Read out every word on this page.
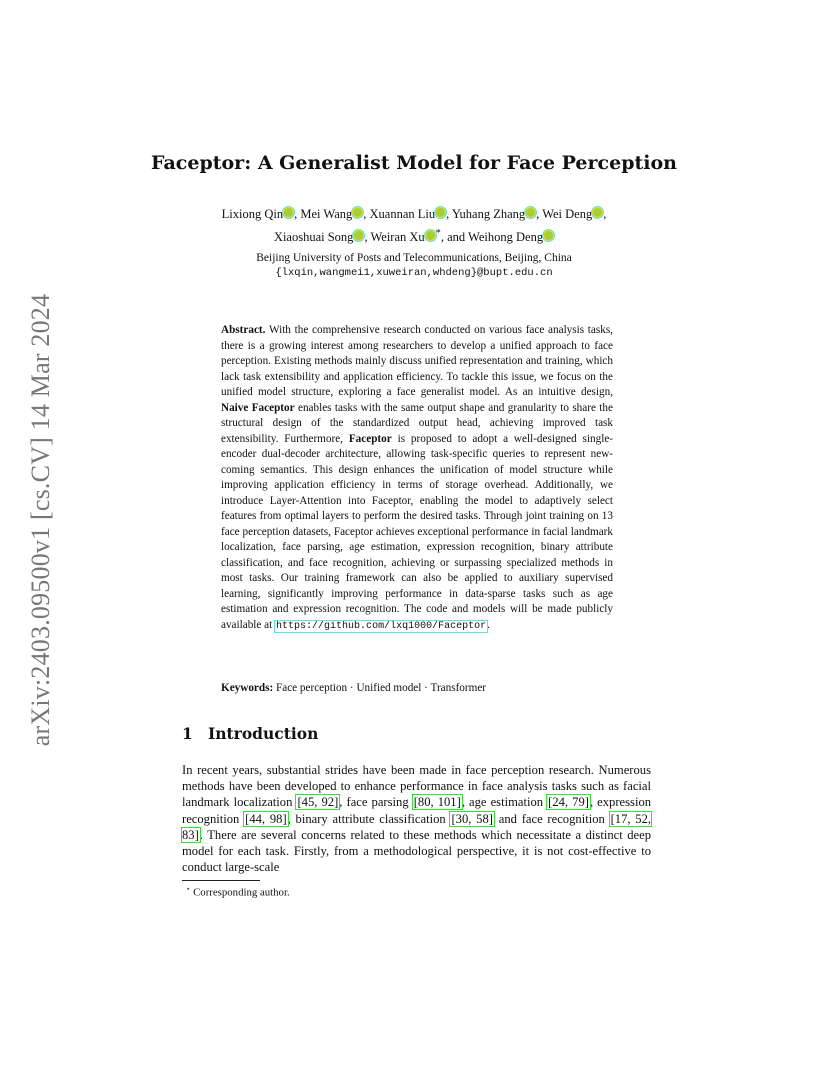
arXiv:2403.09500v1 [cs.CV] 14 Mar 2024
Faceptor: A Generalist Model for Face Perception
Lixiong Qin , Mei Wang , Xuannan Liu , Yuhang Zhang , Wei Deng ,
Xiaoshuai Song , Weiran Xu *, and Weihong Deng
Beijing University of Posts and Telecommunications, Beijing, China
{lxqin,wangmei1,xuweiran,whdeng}@bupt.edu.cn
Abstract. With the comprehensive research conducted on various face analysis tasks, there is a growing interest among researchers to develop a unified approach to face perception. Existing methods mainly discuss unified representation and training, which lack task extensibility and application efficiency. To tackle this issue, we focus on the unified model structure, exploring a face generalist model. As an intuitive design, Naive Faceptor enables tasks with the same output shape and granularity to share the structural design of the standardized output head, achieving improved task extensibility. Furthermore, Faceptor is proposed to adopt a well-designed single-encoder dual-decoder architecture, allowing task-specific queries to represent new-coming semantics. This design enhances the unification of model structure while improving application efficiency in terms of storage overhead. Additionally, we introduce Layer-Attention into Faceptor, enabling the model to adaptively select features from optimal layers to perform the desired tasks. Through joint training on 13 face perception datasets, Faceptor achieves exceptional performance in facial landmark localization, face parsing, age estimation, expression recognition, binary attribute classification, and face recognition, achieving or surpassing specialized methods in most tasks. Our training framework can also be applied to auxiliary supervised learning, significantly improving performance in data-sparse tasks such as age estimation and expression recognition. The code and models will be made publicly available at https://github.com/lxq1000/Faceptor.
Keywords: Face perception · Unified model · Transformer
1 Introduction
In recent years, substantial strides have been made in face perception research. Numerous methods have been developed to enhance performance in face analysis tasks such as facial landmark localization [45, 92], face parsing [80, 101], age estimation [24, 79], expression recognition [44, 98], binary attribute classification [30, 58] and face recognition [17, 52, 83]. There are several concerns related to these methods which necessitate a distinct deep model for each task. Firstly, from a methodological perspective, it is not cost-effective to conduct large-scale
⋆ Corresponding author.
